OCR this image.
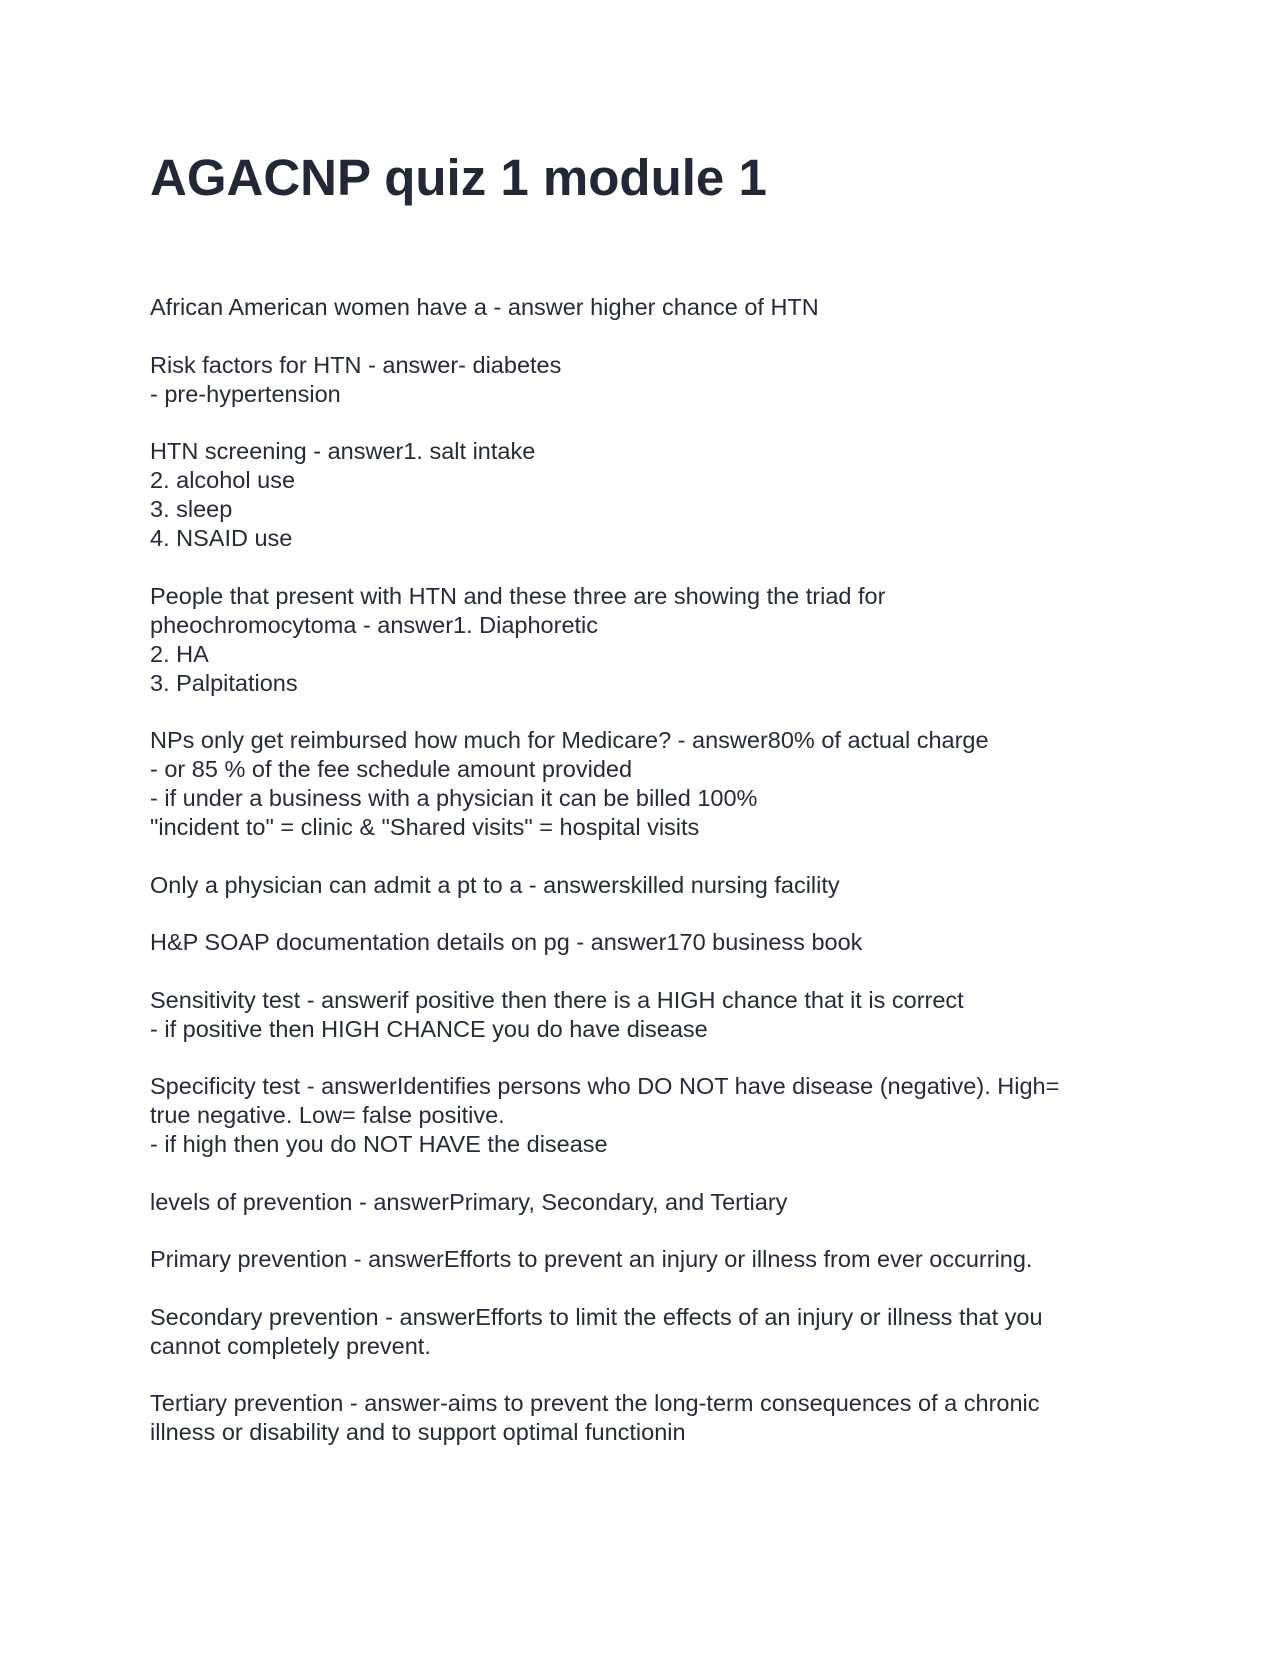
AGACNP quiz 1 module 1

African American women have a - answer higher chance of HTN

Risk factors for HTN - answer- diabetes
- pre-hypertension

HTN screening - answer1. salt intake
2. alcohol use
3. sleep
4. NSAID use

People that present with HTN and these three are showing the triad for
pheochromocytoma - answer1. Diaphoretic
2. HA
3. Palpitations

NPs only get reimbursed how much for Medicare? - answer80% of actual charge
- or 85 % of the fee schedule amount provided
- if under a business with a physician it can be billed 100%
"incident to" = clinic & "Shared visits" = hospital visits

Only a physician can admit a pt to a - answerskilled nursing facility

H&P SOAP documentation details on pg - answer170 business book

Sensitivity test - answerif positive then there is a HIGH chance that it is correct
- if positive then HIGH CHANCE you do have disease

Specificity test - answerIdentifies persons who DO NOT have disease (negative). High=
true negative. Low= false positive.
- if high then you do NOT HAVE the disease

levels of prevention - answerPrimary, Secondary, and Tertiary

Primary prevention - answerEfforts to prevent an injury or illness from ever occurring.

Secondary prevention - answerEfforts to limit the effects of an injury or illness that you
cannot completely prevent.

Tertiary prevention - answer-aims to prevent the long-term consequences of a chronic
illness or disability and to support optimal functionin
